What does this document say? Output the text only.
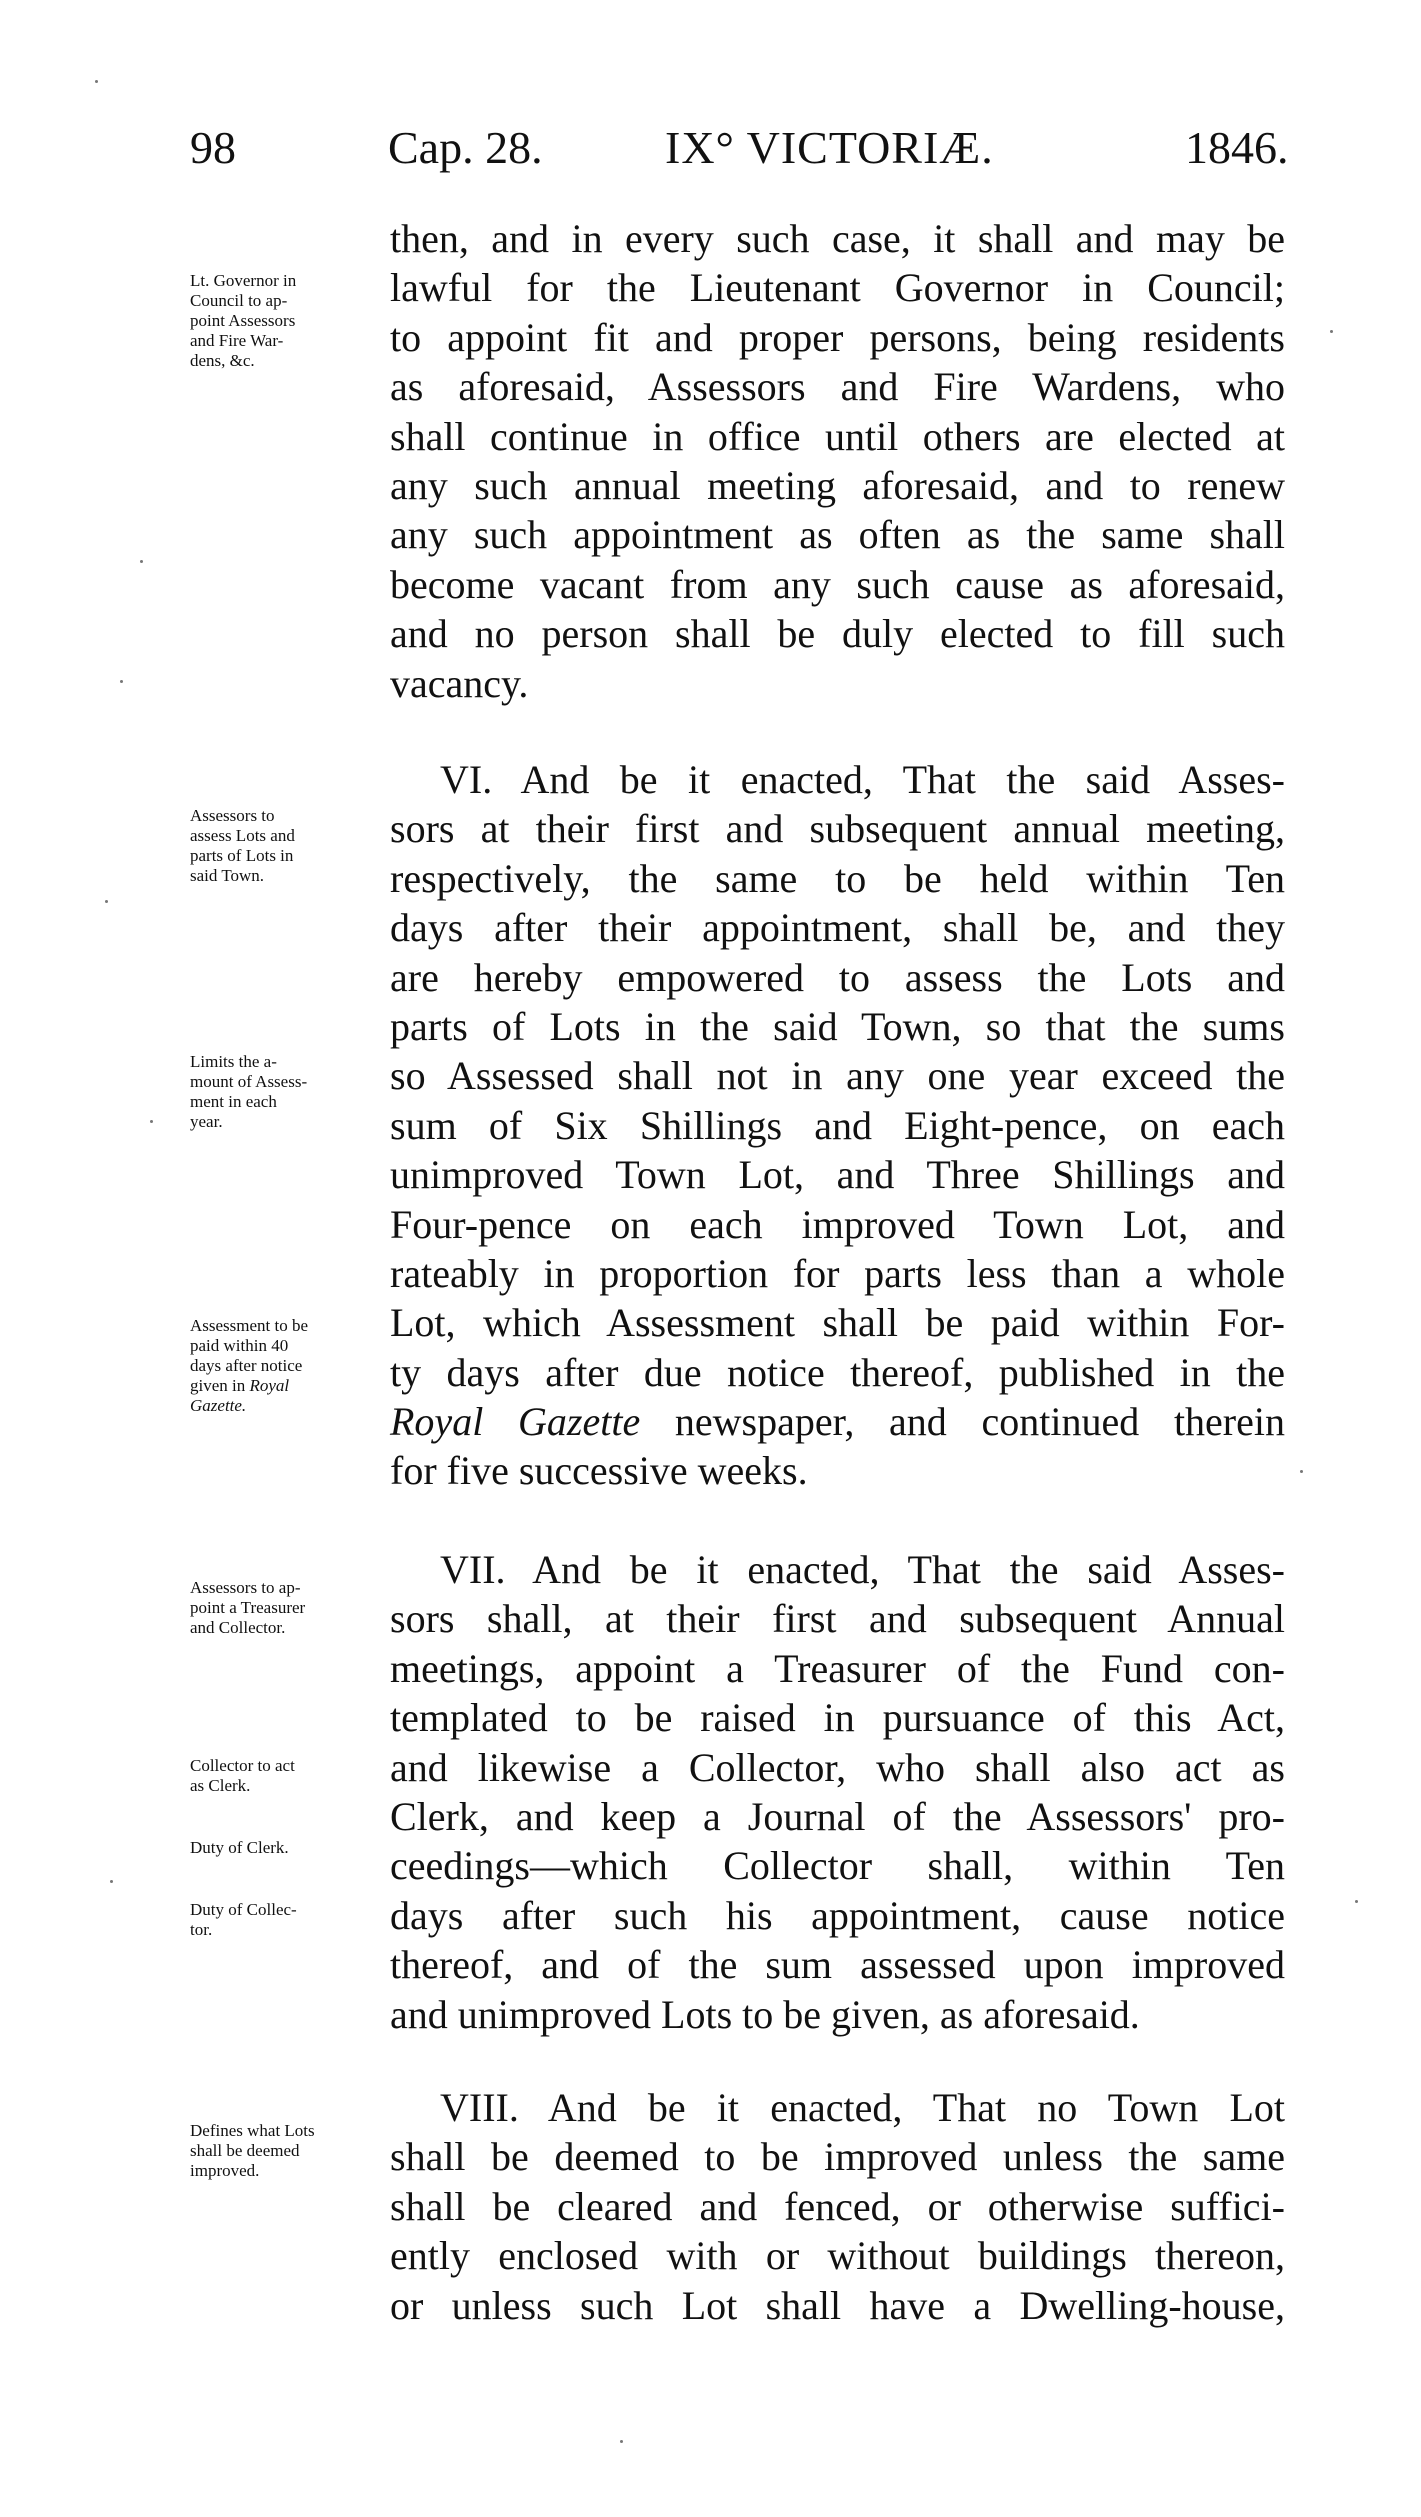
98	Cap. 28.	IX° VICTORIÆ.	1846.
then, and in every such case, it shall and may be
lawful for the Lieutenant Governor in Council;
to appoint fit and proper persons, being residents
as aforesaid, Assessors and Fire Wardens, who
shall continue in office until others are elected at
any such annual meeting aforesaid, and to renew
any such appointment as often as the same shall
become vacant from any such cause as aforesaid,
and no person shall be duly elected to fill such
vacancy.
VI. And be it enacted, That the said Asses-
sors at their first and subsequent annual meeting,
respectively, the same to be held within Ten
days after their appointment, shall be, and they
are hereby empowered to assess the Lots and
parts of Lots in the said Town, so that the sums
so Assessed shall not in any one year exceed the
sum of Six Shillings and Eight-pence, on each
unimproved Town Lot, and Three Shillings and
Four-pence on each improved Town Lot, and
rateably in proportion for parts less than a whole
Lot, which Assessment shall be paid within For-
ty days after due notice thereof, published in the
Royal Gazette newspaper, and continued therein
for five successive weeks.
VII. And be it enacted, That the said Asses-
sors shall, at their first and subsequent Annual
meetings, appoint a Treasurer of the Fund con-
templated to be raised in pursuance of this Act,
and likewise a Collector, who shall also act as
Clerk, and keep a Journal of the Assessors' pro-
ceedings—which Collector shall, within Ten
days after such his appointment, cause notice
thereof, and of the sum assessed upon improved
and unimproved Lots to be given, as aforesaid.
VIII. And be it enacted, That no Town Lot
shall be deemed to be improved unless the same
shall be cleared and fenced, or otherwise suffici-
ently enclosed with or without buildings thereon,
or unless such Lot shall have a Dwelling-house,
Lt. Governor in
Council to ap-
point Assessors
and Fire War-
dens, &c.
Assessors to
assess Lots and
parts of Lots in
said Town.
Limits the a-
mount of Assess-
ment in each
year.
Assessment to be
paid within 40
days after notice
given in Royal
Gazette.
Assessors to ap-
point a Treasurer
and Collector.
Collector to act
as Clerk.
Duty of Clerk.
Duty of Collec-
tor.
Defines what Lots
shall be deemed
improved.
